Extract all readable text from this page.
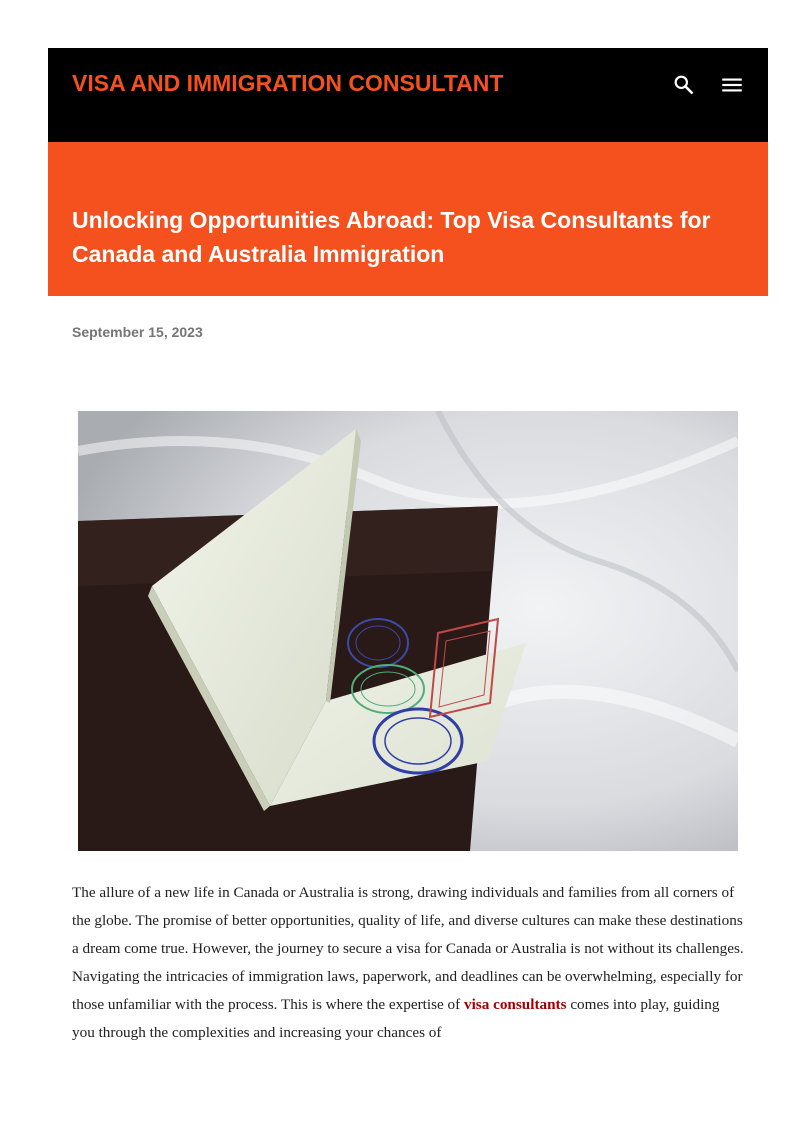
VISA AND IMMIGRATION CONSULTANT
Unlocking Opportunities Abroad: Top Visa Consultants for Canada and Australia Immigration
September 15, 2023

The allure of a new life in Canada or Australia is strong, drawing individuals and families from all corners of the globe. The promise of better opportunities, quality of life, and diverse cultures can make these destinations a dream come true. However, the journey to secure a visa for Canada or Australia is not without its challenges. Navigating the intricacies of immigration laws, paperwork, and deadlines can be overwhelming, especially for those unfamiliar with the process. This is where the expertise of visa consultants comes into play, guiding you through the complexities and increasing your chances of
